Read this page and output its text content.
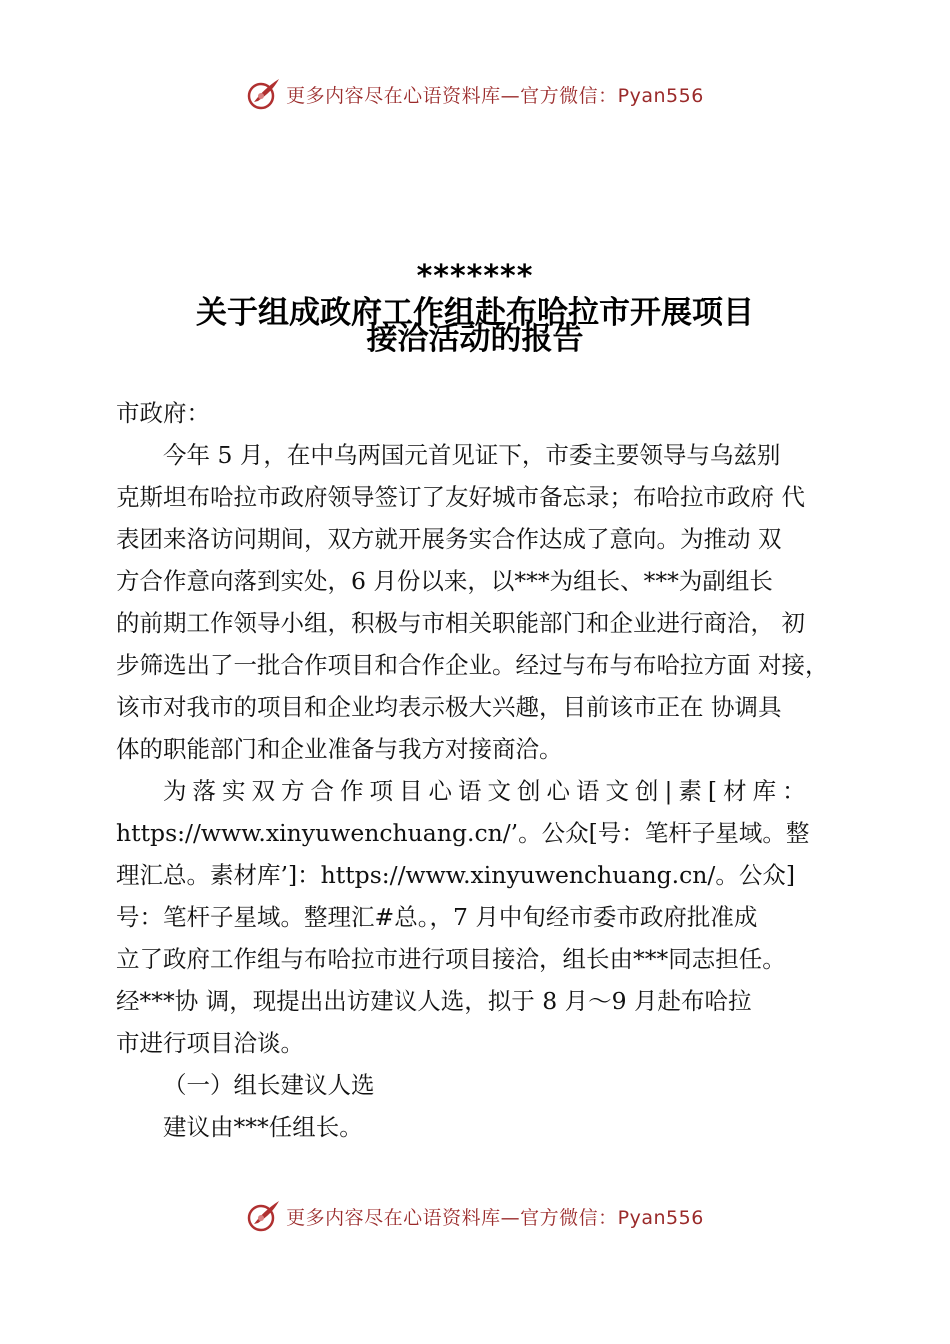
更多内容尽在心语资料库—官方微信：Pyan556
*******
关于组成政府工作组赴布哈拉市开展项目
接洽活动的报告

市政府：

今年 5 月，在中乌两国元首见证下，市委主要领导与乌兹别

克斯坦布哈拉市政府领导签订了友好城市备忘录；布哈拉市政府 代

表团来洛访问期间，双方就开展务实合作达成了意向。为推动 双

方合作意向落到实处，6 月份以来，以***为组长、***为副组长

的前期工作领导小组，积极与市相关职能部门和企业进行商洽， 初

步筛选出了一批合作项目和合作企业。经过与布与布哈拉方面 对接，

该市对我市的项目和企业均表示极大兴趣，目前该市正在 协调具

体的职能部门和企业准备与我方对接商洽。

为落实双方合作项目心语文创心语文创|素[材库：

https://www.xinyuwenchuang.cn/’。公众[号：笔杆子星域。整

理汇总。素材库’]：https://www.xinyuwenchuang.cn/。公众]

号：笔杆子星域。整理汇#总。，7 月中旬经市委市政府批准成

立了政府工作组与布哈拉市进行项目接洽，组长由***同志担任。

经***协 调，现提出出访建议人选，拟于 8 月～9 月赴布哈拉

市进行项目洽谈。

（一）组长建议人选

建议由***任组长。

更多内容尽在心语资料库—官方微信：Pyan556
